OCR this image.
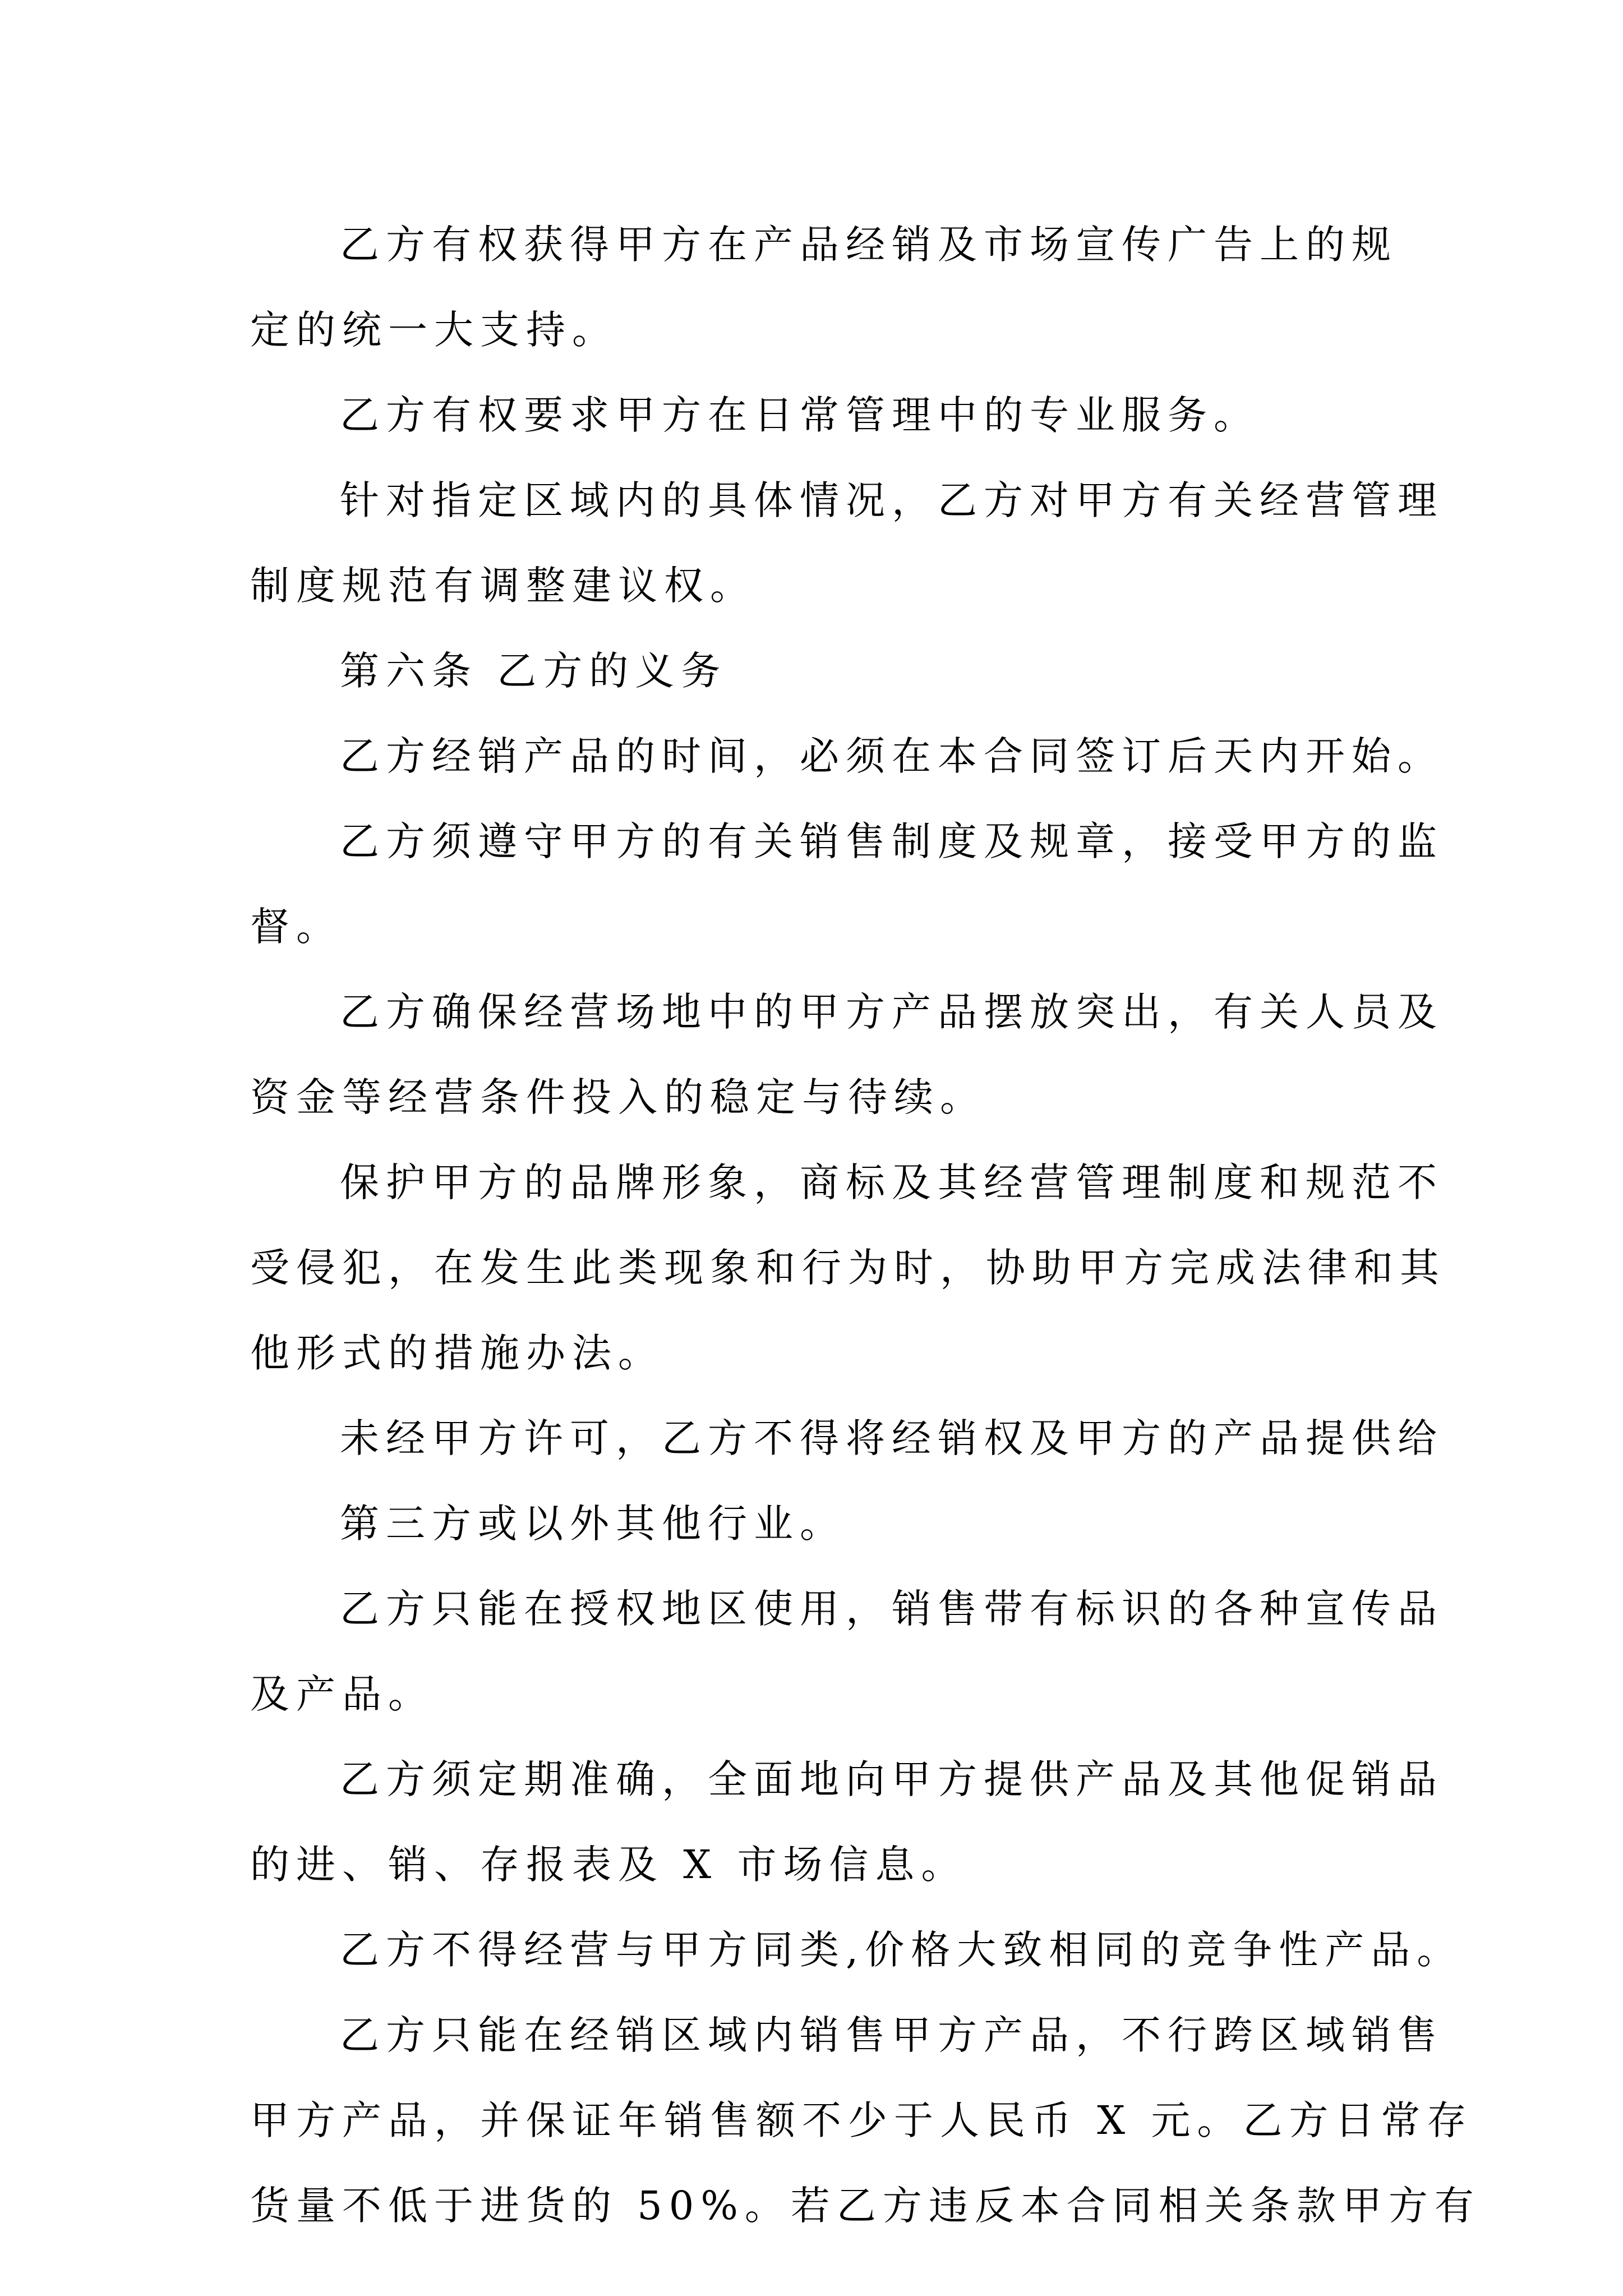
乙方有权获得甲方在产品经销及市场宣传广告上的规
定的统一大支持。
乙方有权要求甲方在日常管理中的专业服务。
针对指定区域内的具体情况，乙方对甲方有关经营管理
制度规范有调整建议权。
第六条 乙方的义务
乙方经销产品的时间，必须在本合同签订后天内开始。
乙方须遵守甲方的有关销售制度及规章，接受甲方的监
督。
乙方确保经营场地中的甲方产品摆放突出，有关人员及
资金等经营条件投入的稳定与待续。
保护甲方的品牌形象，商标及其经营管理制度和规范不
受侵犯，在发生此类现象和行为时，协助甲方完成法律和其
他形式的措施办法。
未经甲方许可，乙方不得将经销权及甲方的产品提供给
第三方或以外其他行业。
乙方只能在授权地区使用，销售带有标识的各种宣传品
及产品。
乙方须定期准确，全面地向甲方提供产品及其他促销品
的进、销、存报表及 X 市场信息。
乙方不得经营与甲方同类,价格大致相同的竞争性产品。
乙方只能在经销区域内销售甲方产品，不行跨区域销售
甲方产品，并保证年销售额不少于人民币 X 元。乙方日常存
货量不低于进货的 50%。若乙方违反本合同相关条款甲方有
